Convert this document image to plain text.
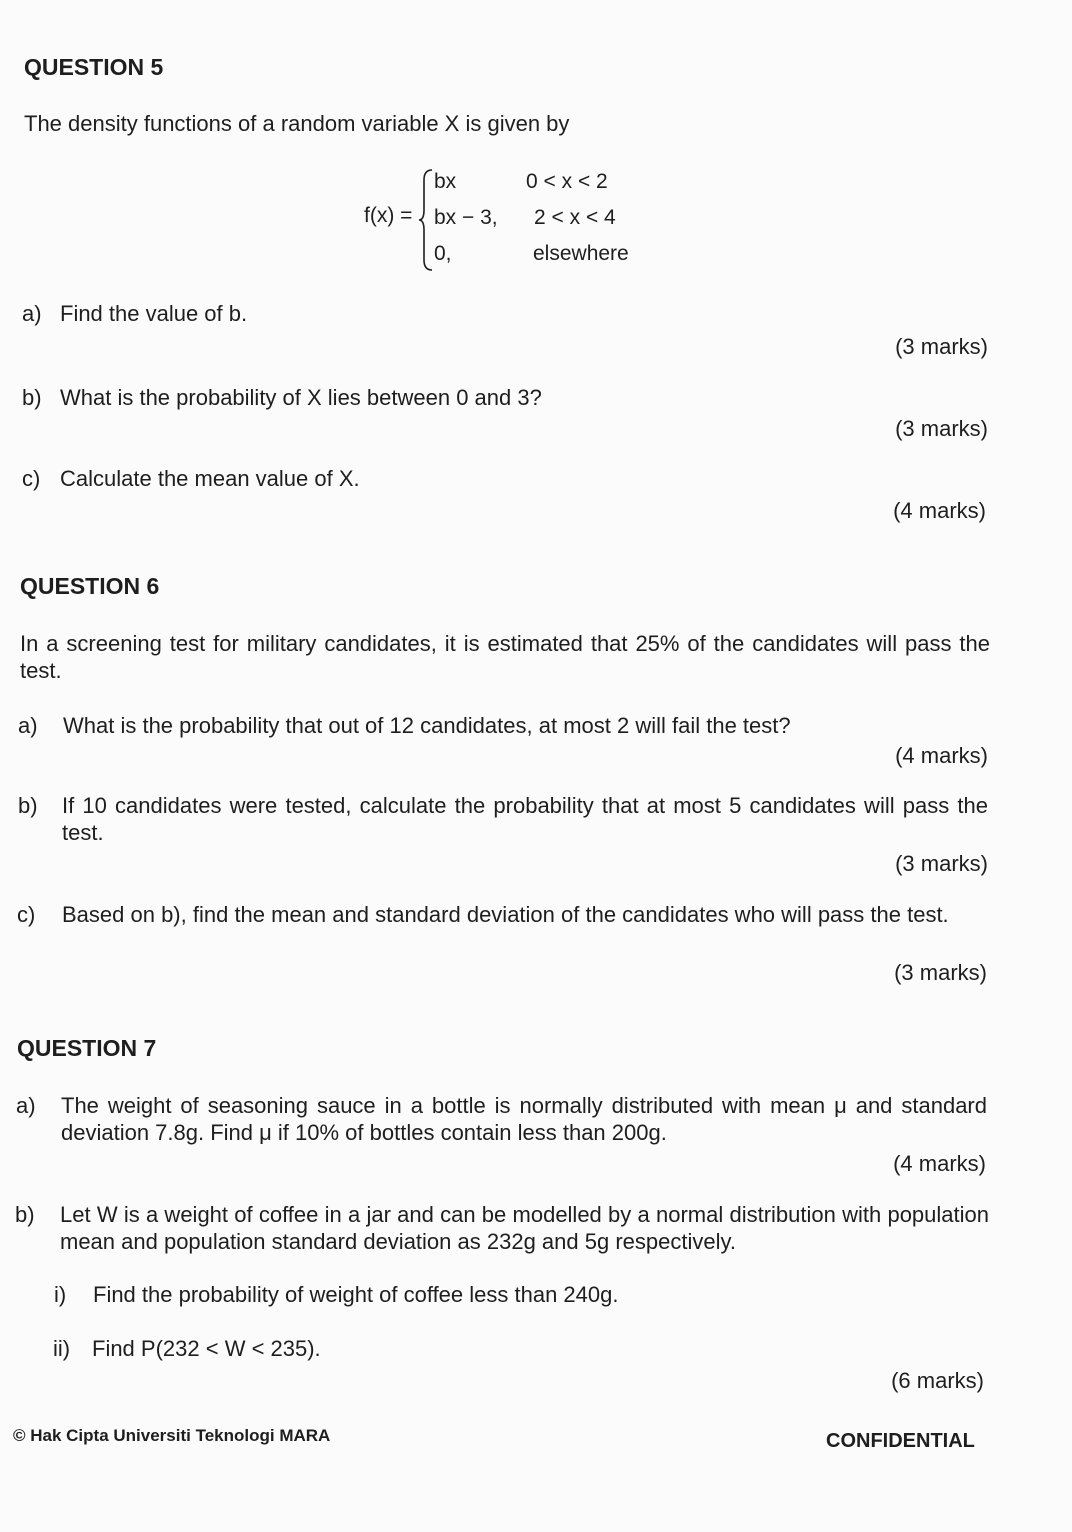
QUESTION 5
The density functions of a random variable X is given by
f(x) =
bx	0 < x < 2
bx − 3, 2 < x < 4
0,	elsewhere
a) Find the value of b.
(3 marks)
b) What is the probability of X lies between 0 and 3?
(3 marks)
c) Calculate the mean value of X.
(4 marks)
QUESTION 6
In a screening test for military candidates, it is estimated that 25% of the candidates will pass the test.
a) What is the probability that out of 12 candidates, at most 2 will fail the test?
(4 marks)
b) If 10 candidates were tested, calculate the probability that at most 5 candidates will pass the test.
(3 marks)
c) Based on b), find the mean and standard deviation of the candidates who will pass the test.
(3 marks)
QUESTION 7
a) The weight of seasoning sauce in a bottle is normally distributed with mean μ and standard deviation 7.8g. Find μ if 10% of bottles contain less than 200g.
(4 marks)
b) Let W is a weight of coffee in a jar and can be modelled by a normal distribution with population mean and population standard deviation as 232g and 5g respectively.
i) Find the probability of weight of coffee less than 240g.
ii) Find P(232 < W < 235).
(6 marks)
© Hak Cipta Universiti Teknologi MARA	CONFIDENTIAL
